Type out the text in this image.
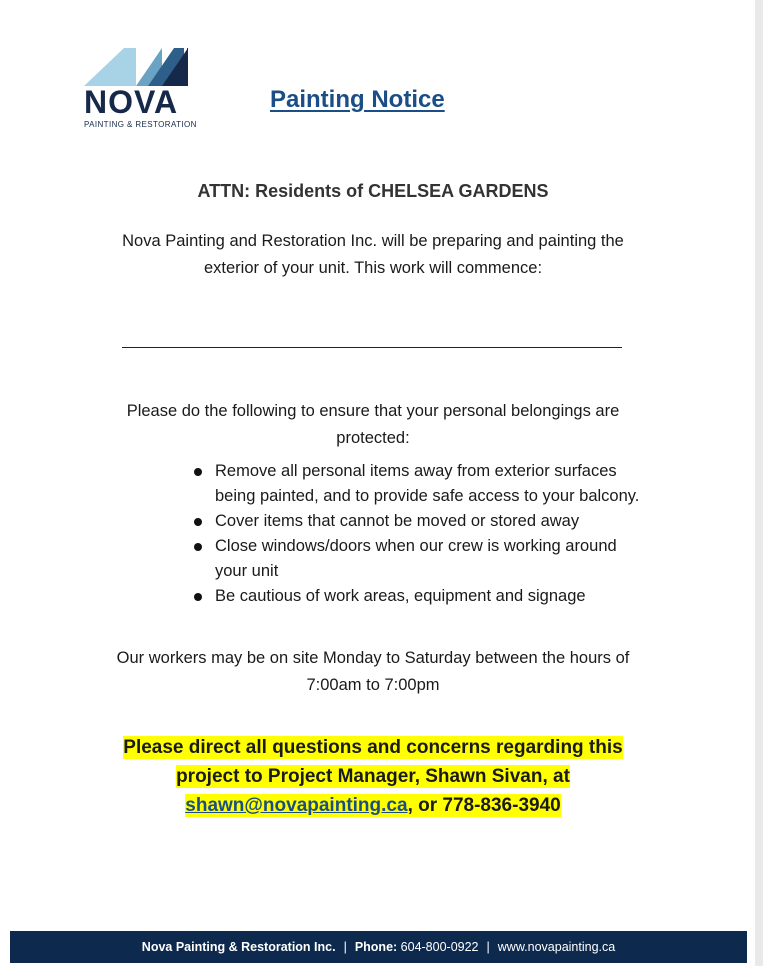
NOVA
PAINTING & RESTORATION
Painting Notice
ATTN: Residents of CHELSEA GARDENS
Nova Painting and Restoration Inc. will be preparing and painting the
exterior of your unit. This work will commence:
Please do the following to ensure that your personal belongings are
protected:
Remove all personal items away from exterior surfaces
being painted, and to provide safe access to your balcony.
Cover items that cannot be moved or stored away
Close windows/doors when our crew is working around
your unit
Be cautious of work areas, equipment and signage
Our workers may be on site Monday to Saturday between the hours of
7:00am to 7:00pm
Please direct all questions and concerns regarding this
project to Project Manager, Shawn Sivan, at
shawn@novapainting.ca, or 778-836-3940
Nova Painting & Restoration Inc. | Phone: 604-800-0922 | www.novapainting.ca
